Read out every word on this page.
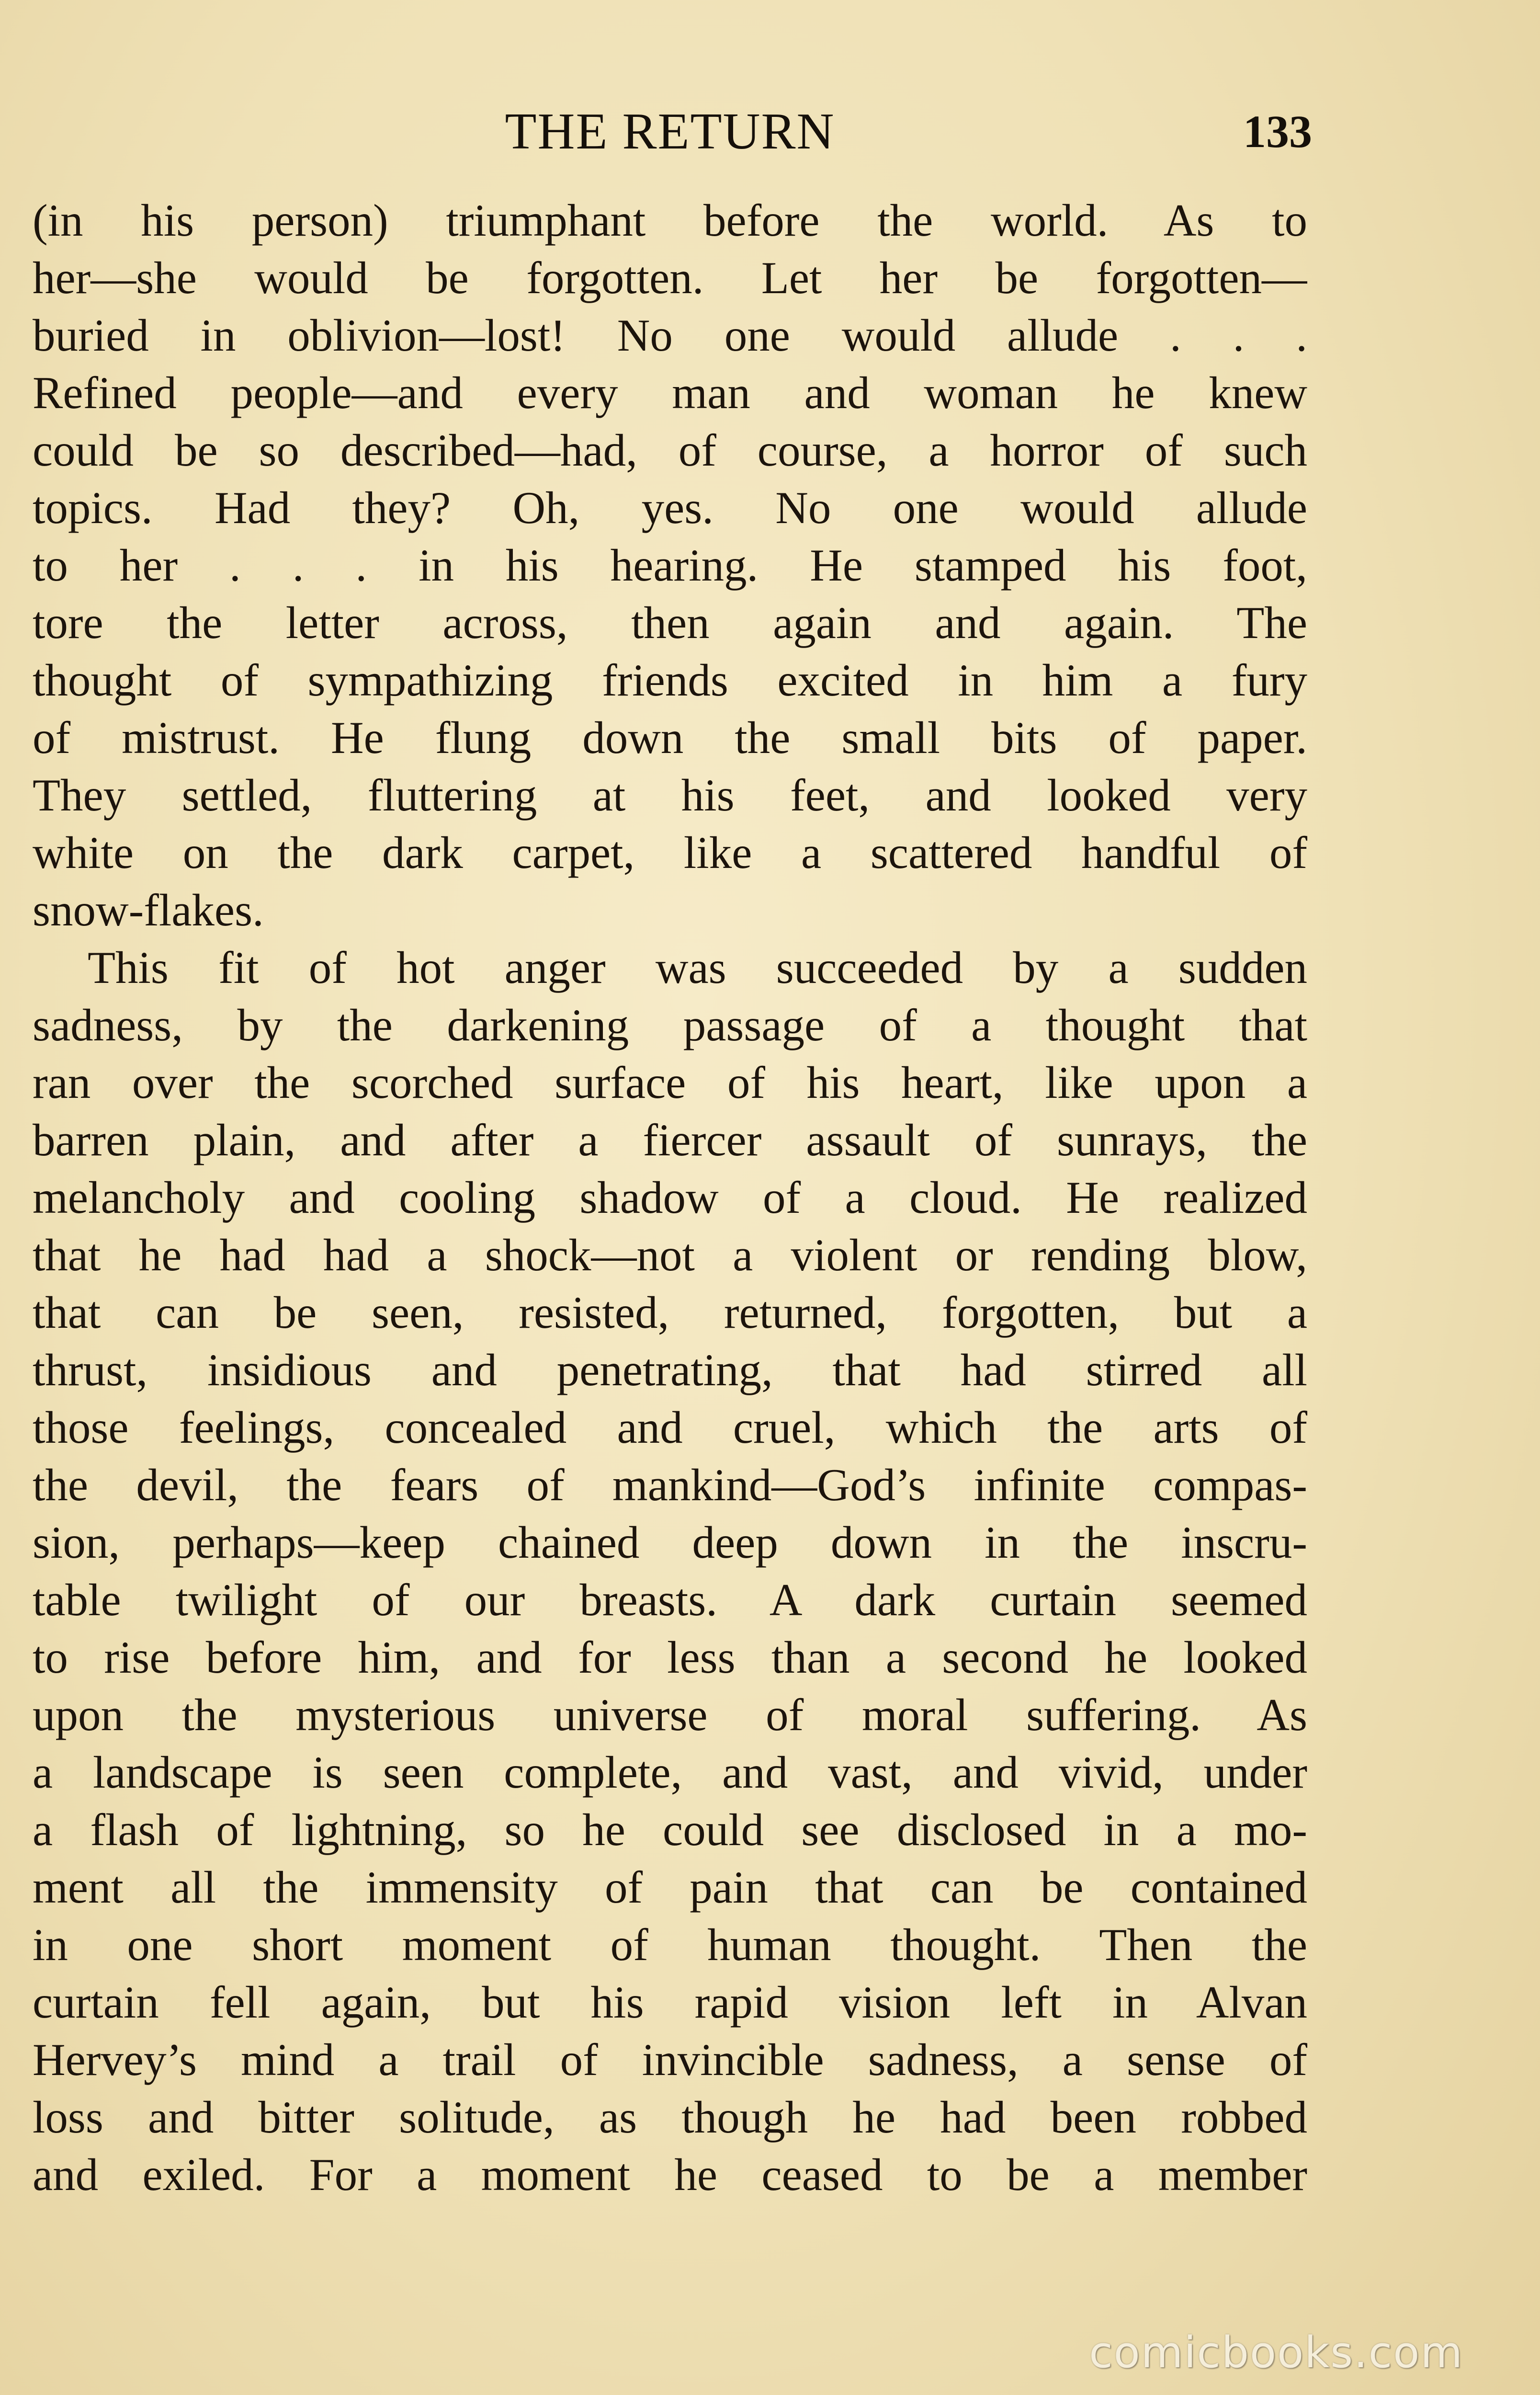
THE RETURN	133
(in his person) triumphant before the world. As to
her—she would be forgotten. Let her be forgotten—
buried in oblivion—lost! No one would allude . . .
Refined people—and every man and woman he knew
could be so described—had, of course, a horror of such
topics. Had they? Oh, yes. No one would allude
to her . . . in his hearing. He stamped his foot,
tore the letter across, then again and again. The
thought of sympathizing friends excited in him a fury
of mistrust. He flung down the small bits of paper.
They settled, fluttering at his feet, and looked very
white on the dark carpet, like a scattered handful of
snow-flakes.
This fit of hot anger was succeeded by a sudden
sadness, by the darkening passage of a thought that
ran over the scorched surface of his heart, like upon a
barren plain, and after a fiercer assault of sunrays, the
melancholy and cooling shadow of a cloud. He realized
that he had had a shock—not a violent or rending blow,
that can be seen, resisted, returned, forgotten, but a
thrust, insidious and penetrating, that had stirred all
those feelings, concealed and cruel, which the arts of
the devil, the fears of mankind—God’s infinite compas-
sion, perhaps—keep chained deep down in the inscru-
table twilight of our breasts. A dark curtain seemed
to rise before him, and for less than a second he looked
upon the mysterious universe of moral suffering. As
a landscape is seen complete, and vast, and vivid, under
a flash of lightning, so he could see disclosed in a mo-
ment all the immensity of pain that can be contained
in one short moment of human thought. Then the
curtain fell again, but his rapid vision left in Alvan
Hervey’s mind a trail of invincible sadness, a sense of
loss and bitter solitude, as though he had been robbed
and exiled. For a moment he ceased to be a member
comicbooks.com
